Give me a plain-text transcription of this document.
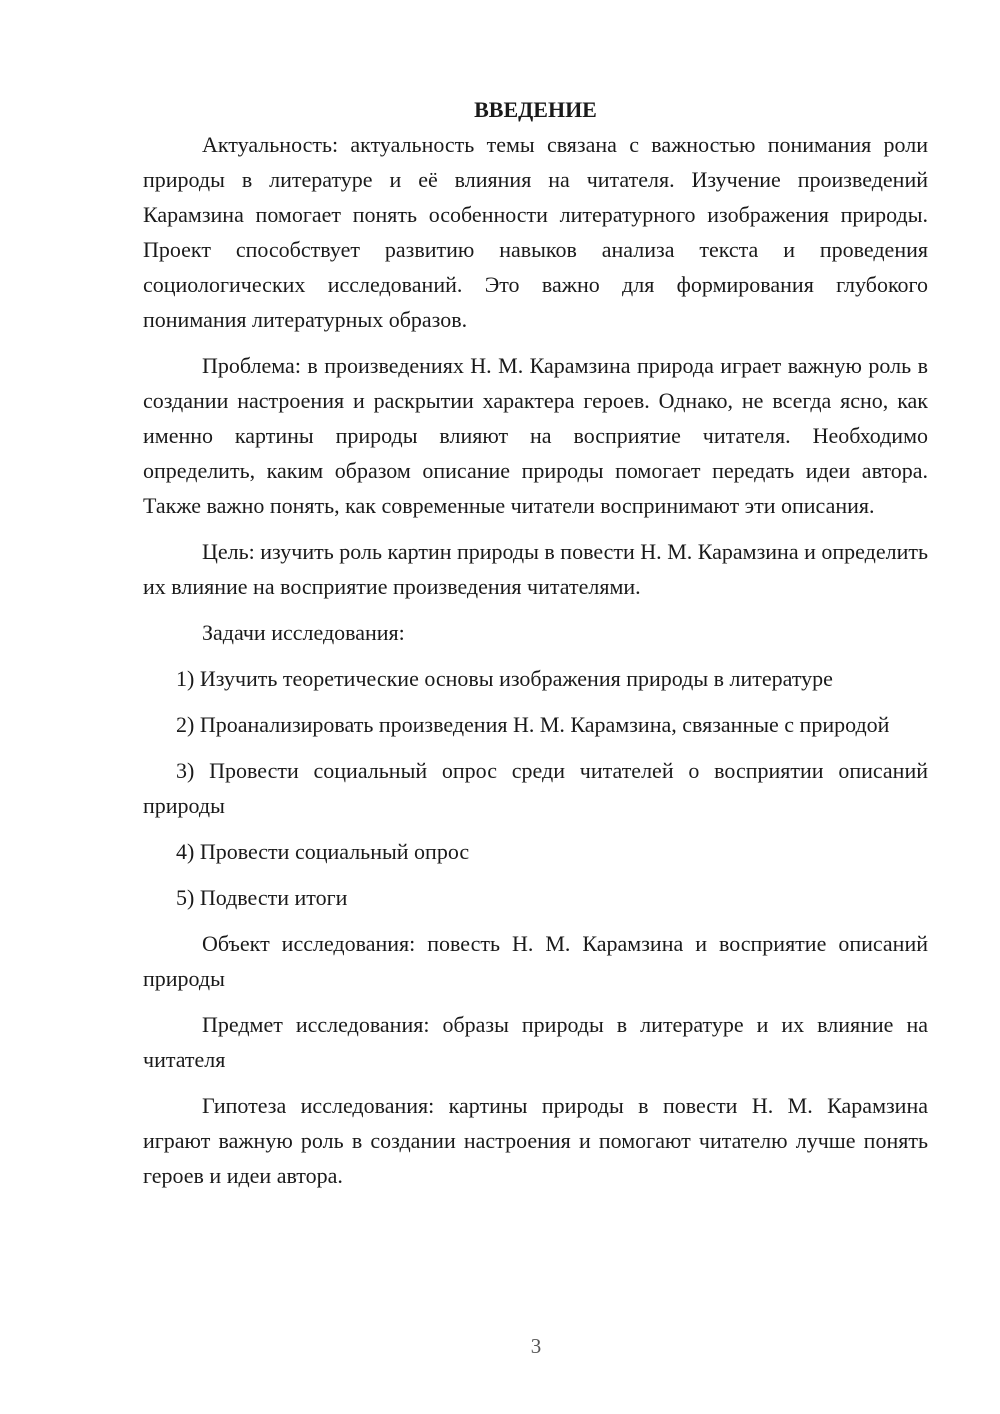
ВВЕДЕНИЕ

Актуальность: актуальность темы связана с важностью понимания роли природы в литературе и её влияния на читателя. Изучение произведений Карамзина помогает понять особенности литературного изображения природы. Проект способствует развитию навыков анализа текста и проведения социологических исследований. Это важно для формирования глубокого понимания литературных образов.

Проблема: в произведениях Н. М. Карамзина природа играет важную роль в создании настроения и раскрытии характера героев. Однако, не всегда ясно, как именно картины природы влияют на восприятие читателя. Необходимо определить, каким образом описание природы помогает передать идеи автора. Также важно понять, как современные читатели воспринимают эти описания.

Цель: изучить роль картин природы в повести Н. М. Карамзина и определить их влияние на восприятие произведения читателями.

Задачи исследования:

1) Изучить теоретические основы изображения природы в литературе

2) Проанализировать произведения Н. М. Карамзина, связанные с природой

3) Провести социальный опрос среди читателей о восприятии описаний природы

4) Провести социальный опрос

5) Подвести итоги

Объект исследования: повесть Н. М. Карамзина и восприятие описаний природы

Предмет исследования: образы природы в литературе и их влияние на читателя

Гипотеза исследования: картины природы в повести Н. М. Карамзина играют важную роль в создании настроения и помогают читателю лучше понять героев и идеи автора.

3
